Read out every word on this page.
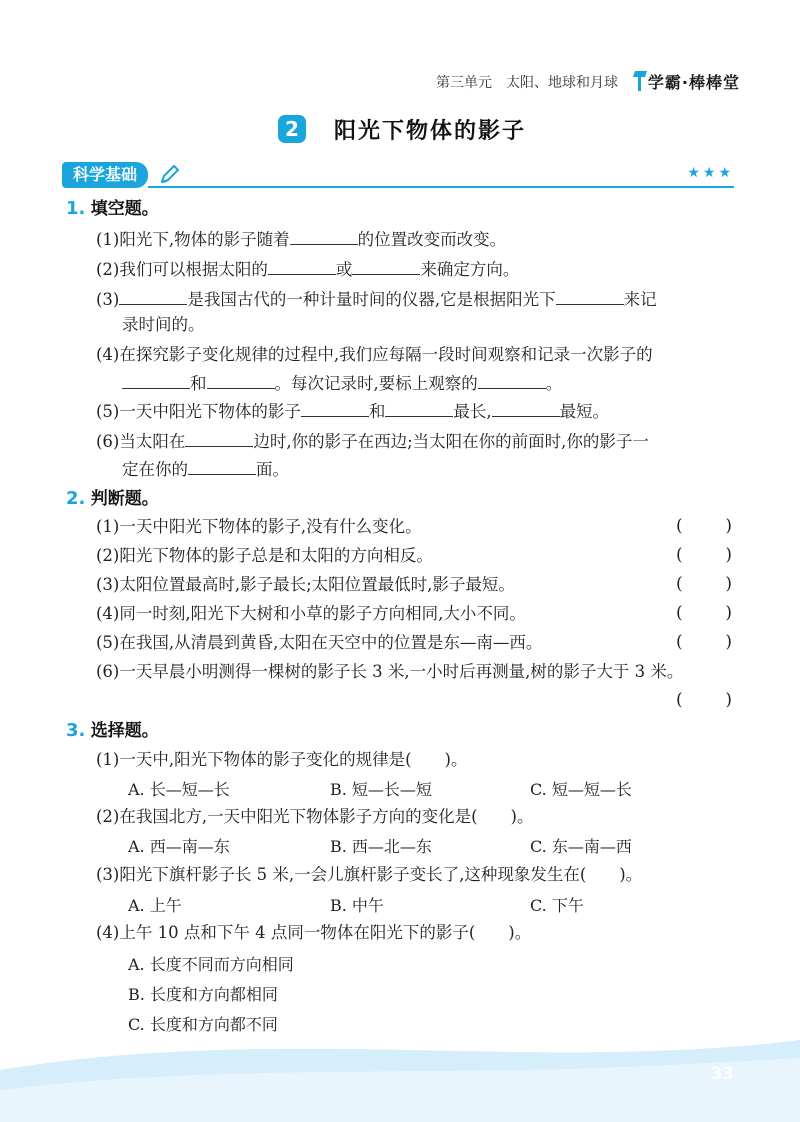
第三单元　太阳、地球和月球 学霸·棒棒堂
2	阳光下物体的影子
科学基础	★★★
1. 填空题。
(1)阳光下,物体的影子随着	的位置改变而改变。
(2)我们可以根据太阳的	或	来确定方向。
(3)	是我国古代的一种计量时间的仪器,它是根据阳光下	来记
录时间的。
(4)在探究影子变化规律的过程中,我们应每隔一段时间观察和记录一次影子的
和	。每次记录时,要标上观察的	。
(5)一天中阳光下物体的影子	和	最长,	最短。
(6)当太阳在	边时,你的影子在西边;当太阳在你的前面时,你的影子一
定在你的	面。
2. 判断题。
(1)一天中阳光下物体的影子,没有什么变化。	(	)
(2)阳光下物体的影子总是和太阳的方向相反。	(	)
(3)太阳位置最高时,影子最长;太阳位置最低时,影子最短。	(	)
(4)同一时刻,阳光下大树和小草的影子方向相同,大小不同。	(	)
(5)在我国,从清晨到黄昏,太阳在天空中的位置是东—南—西。	(	)
(6)一天早晨小明测得一棵树的影子长 3 米,一小时后再测量,树的影子大于 3 米。
(	)
3. 选择题。
(1)一天中,阳光下物体的影子变化的规律是(　　)。
A. 长—短—长	B. 短—长—短	C. 短—短—长
(2)在我国北方,一天中阳光下物体影子方向的变化是(　　)。
A. 西—南—东	B. 西—北—东	C. 东—南—西
(3)阳光下旗杆影子长 5 米,一会儿旗杆影子变长了,这种现象发生在(　　)。
A. 上午	B. 中午	C. 下午
(4)上午 10 点和下午 4 点同一物体在阳光下的影子(　　)。
A. 长度不同而方向相同
B. 长度和方向都相同
C. 长度和方向都不同
33
